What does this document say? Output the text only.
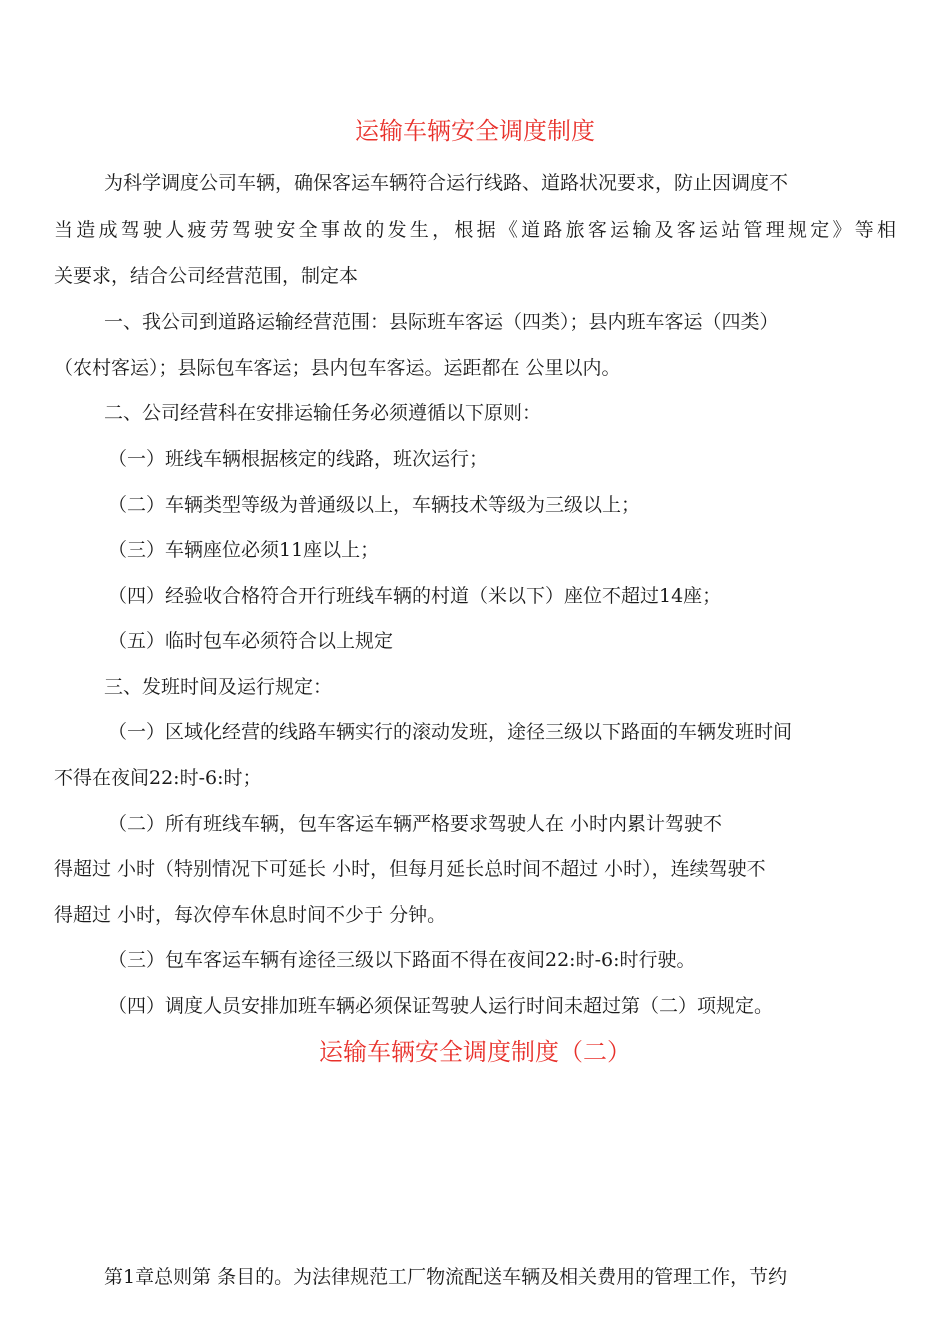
运输车辆安全调度制度

为科学调度公司车辆，确保客运车辆符合运行线路、道路状况要求，防止因调度不

当造成驾驶人疲劳驾驶安全事故的发生，根据《道路旅客运输及客运站管理规定》等相

关要求，结合公司经营范围，制定本

一、我公司到道路运输经营范围：县际班车客运（四类）；县内班车客运（四类）

（农村客运）；县际包车客运；县内包车客运。运距都在 公里以内。

二、公司经营科在安排运输任务必须遵循以下原则：

（一）班线车辆根据核定的线路，班次运行；

（二）车辆类型等级为普通级以上，车辆技术等级为三级以上；

（三）车辆座位必须11座以上；

（四）经验收合格符合开行班线车辆的村道（米以下）座位不超过14座；

（五）临时包车必须符合以上规定

三、发班时间及运行规定：

（一）区域化经营的线路车辆实行的滚动发班，途径三级以下路面的车辆发班时间

不得在夜间22:时-6:时；

（二）所有班线车辆，包车客运车辆严格要求驾驶人在 小时内累计驾驶不

得超过 小时（特别情况下可延长 小时，但每月延长总时间不超过 小时），连续驾驶不

得超过 小时，每次停车休息时间不少于 分钟。

（三）包车客运车辆有途径三级以下路面不得在夜间22:时-6:时行驶。

（四）调度人员安排加班车辆必须保证驾驶人运行时间未超过第（二）项规定。

运输车辆安全调度制度（二）

第1章总则第 条目的。为法律规范工厂物流配送车辆及相关费用的管理工作，节约
